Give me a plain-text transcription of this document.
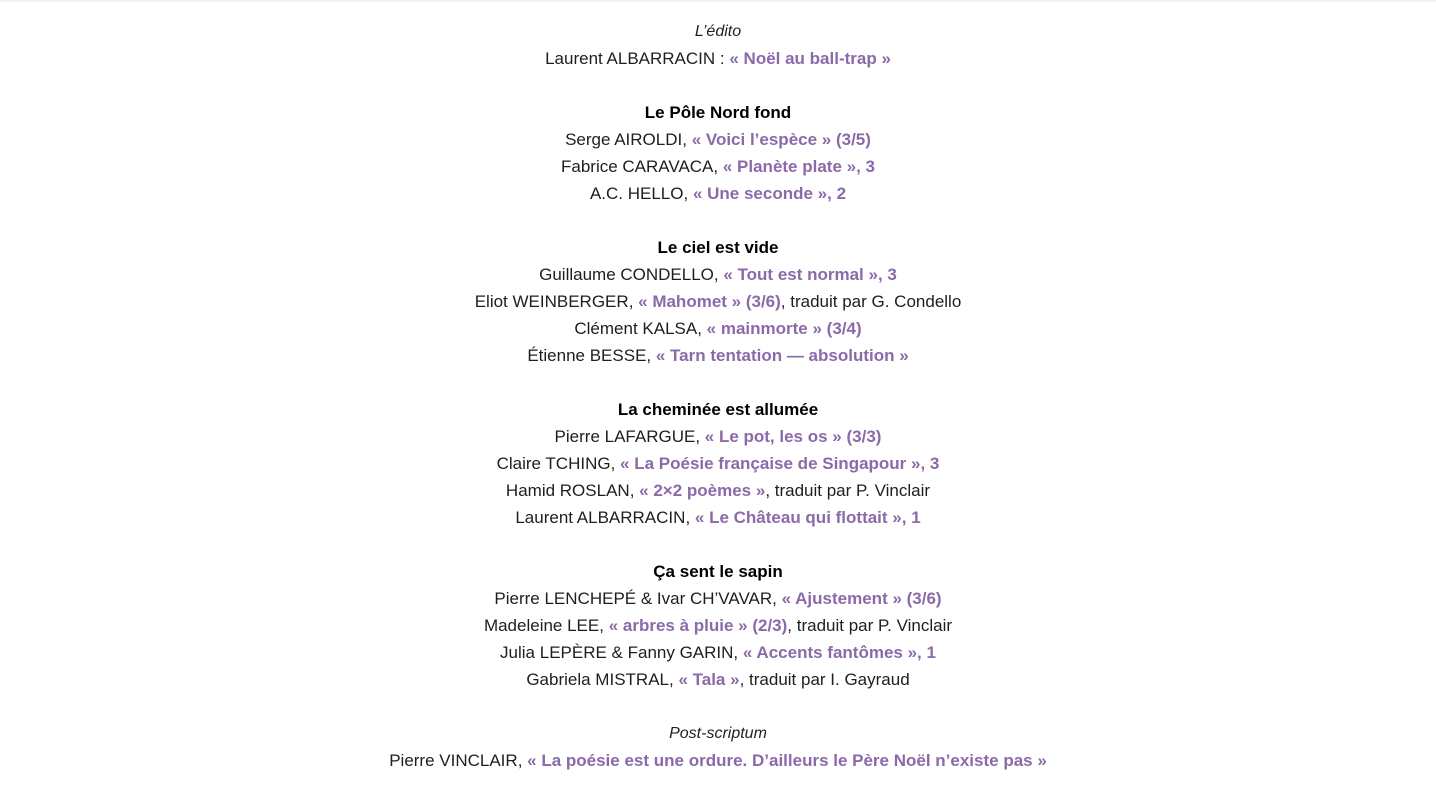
L’édito
Laurent ALBARRACIN : « Noël au ball-trap »
Le Pôle Nord fond
Serge AIROLDI, « Voici l’espèce » (3/5)
Fabrice CARAVACA, « Planète plate », 3
A.C. HELLO, « Une seconde », 2
Le ciel est vide
Guillaume CONDELLO, « Tout est normal », 3
Eliot WEINBERGER, « Mahomet » (3/6), traduit par G. Condello
Clément KALSA, « mainmorte » (3/4)
Étienne BESSE, « Tarn tentation — absolution »
La cheminée est allumée
Pierre LAFARGUE, « Le pot, les os » (3/3)
Claire TCHING, « La Poésie française de Singapour », 3
Hamid ROSLAN, « 2×2 poèmes », traduit par P. Vinclair
Laurent ALBARRACIN, « Le Château qui flottait », 1
Ça sent le sapin
Pierre LENCHEPÉ & Ivar CH’VAVAR, « Ajustement » (3/6)
Madeleine LEE, « arbres à pluie » (2/3), traduit par P. Vinclair
Julia LEPÈRE & Fanny GARIN, « Accents fantômes », 1
Gabriela MISTRAL, « Tala », traduit par I. Gayraud
Post-scriptum
Pierre VINCLAIR, « La poésie est une ordure. D’ailleurs le Père Noël n’existe pas »
